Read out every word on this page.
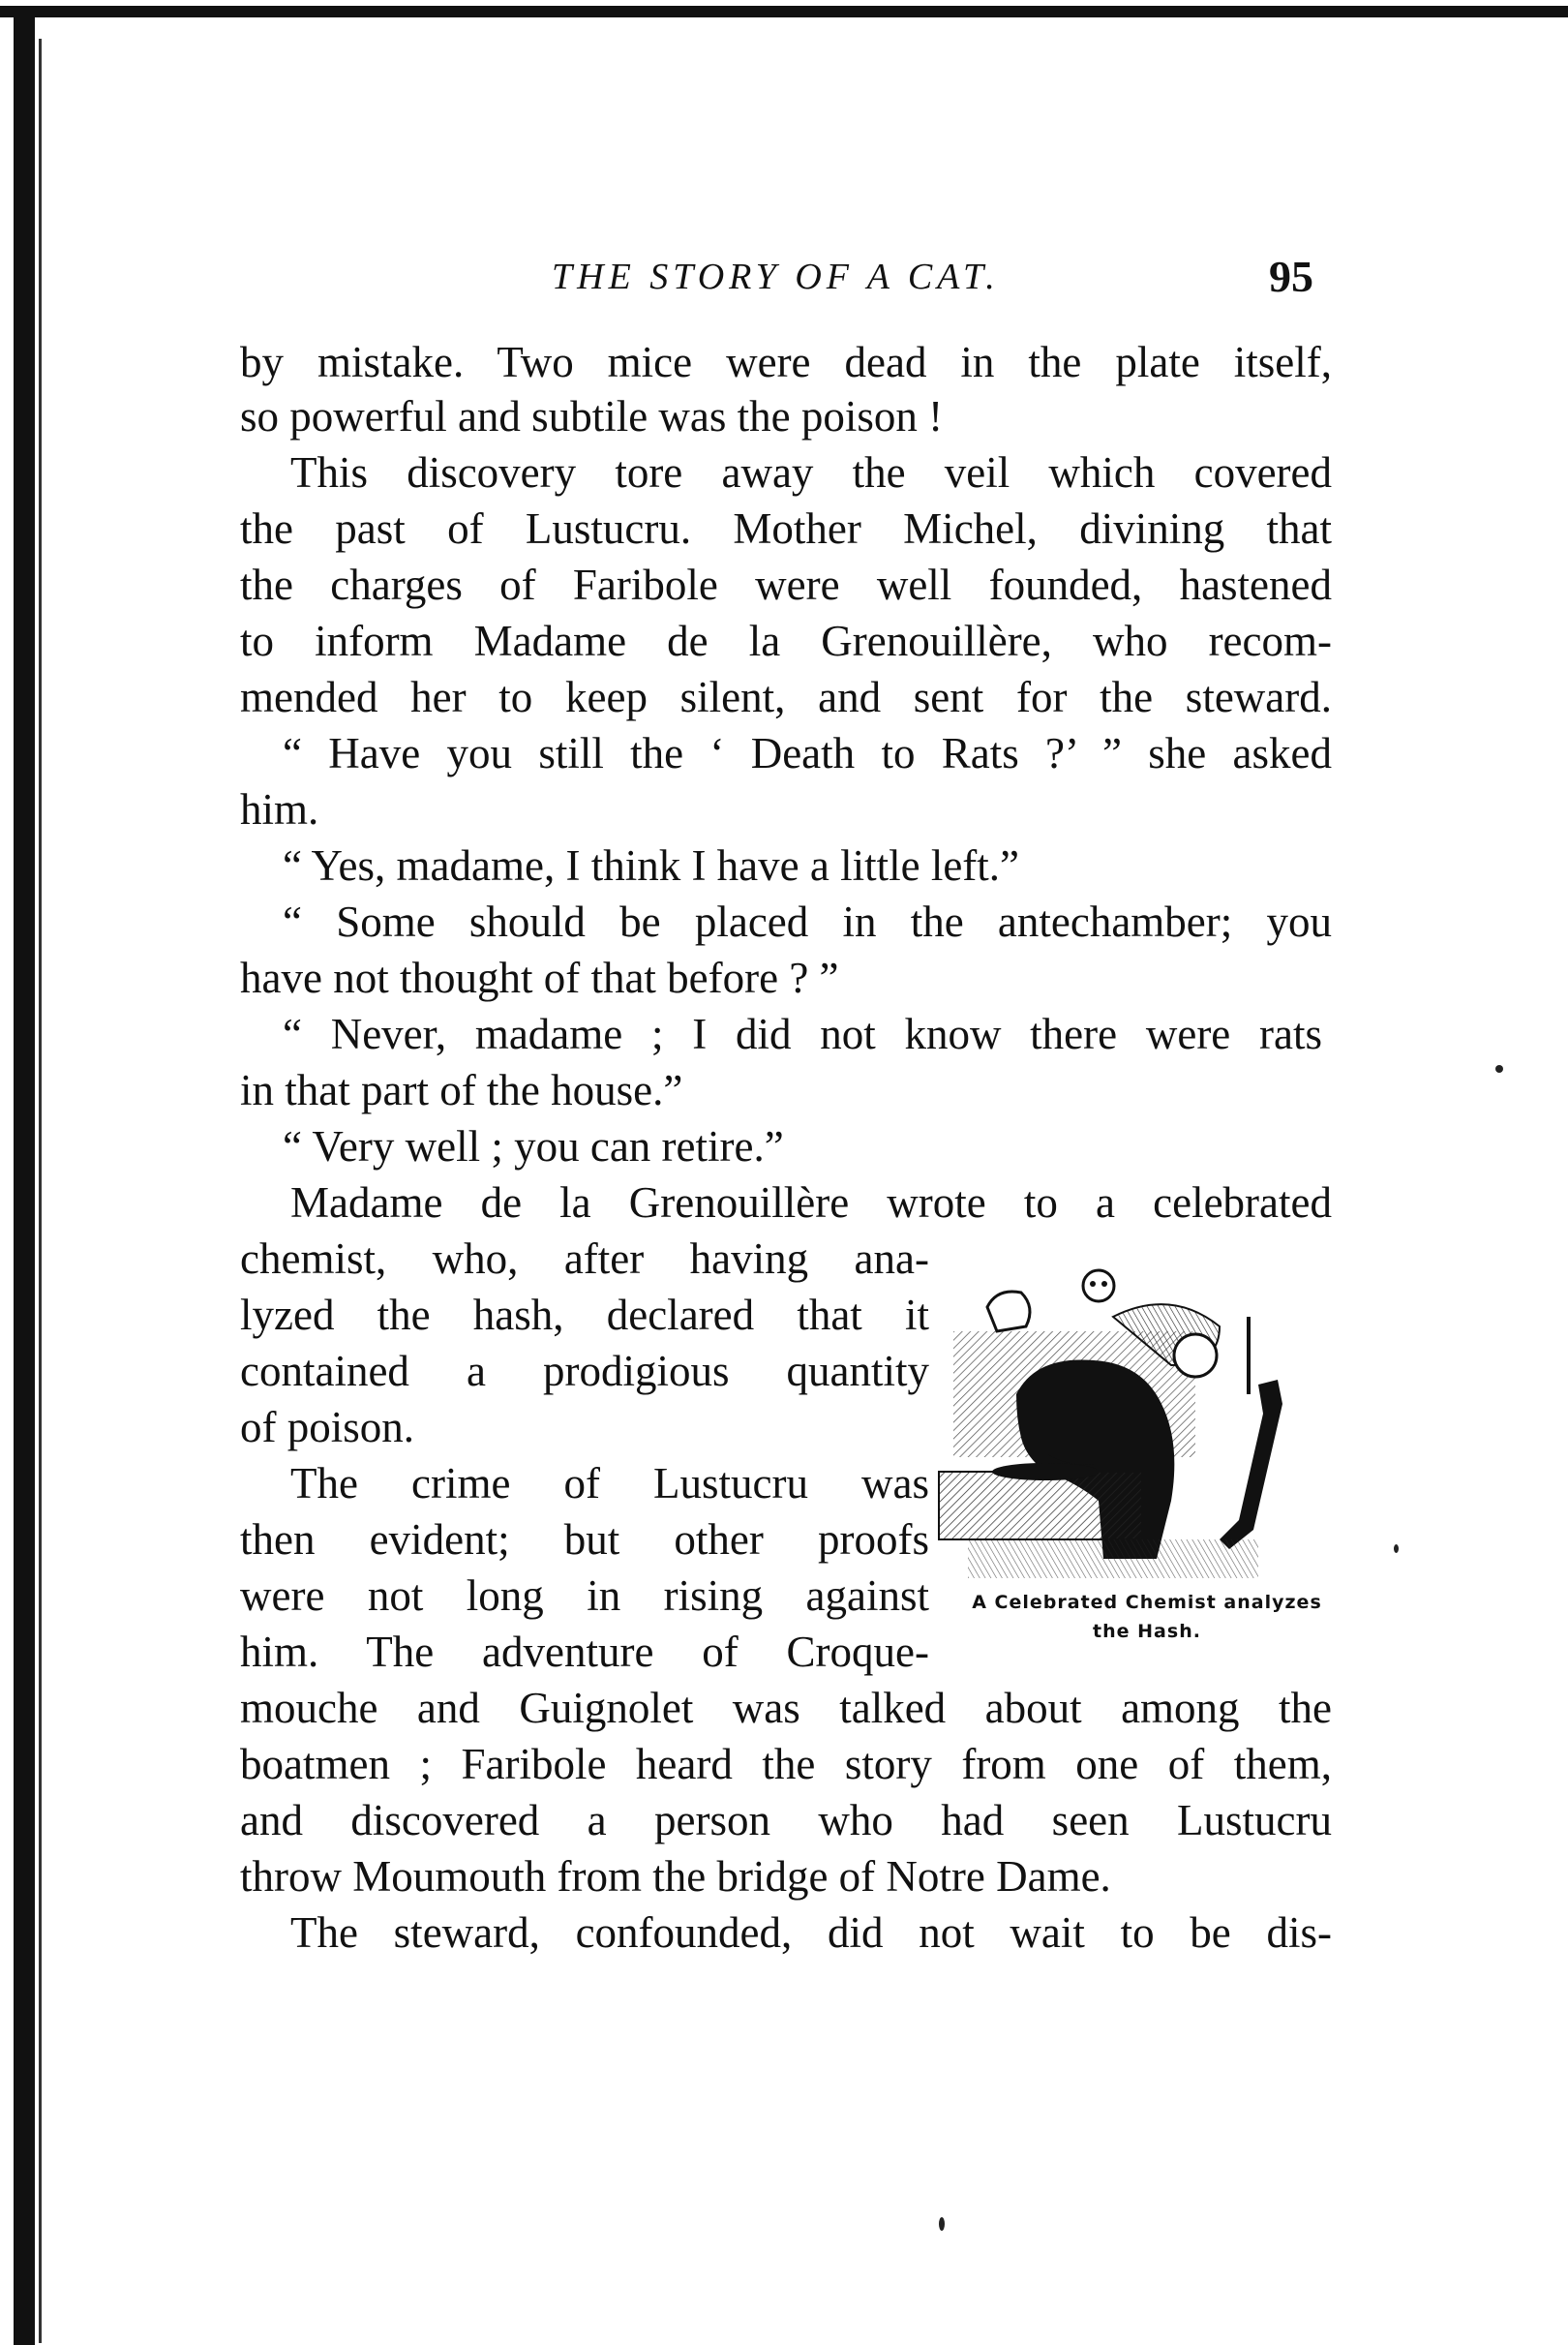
THE STORY OF A CAT.	95
by mistake. Two mice were dead in the plate itself,
so powerful and subtile was the poison !
This discovery tore away the veil which covered
the past of Lustucru. Mother Michel, divining that
the charges of Faribole were well founded, hastened
to inform Madame de la Grenouillère, who recom-
mended her to keep silent, and sent for the steward.
“ Have you still the ‘ Death to Rats ?’ ” she asked
him.
“ Yes, madame, I think I have a little left.”
“ Some should be placed in the antechamber; you
have not thought of that before ? ”
“ Never, madame ; I did not know there were rats
in that part of the house.”
“ Very well ; you can retire.”
Madame de la Grenouillère wrote to a celebrated
chemist, who, after having ana-
lyzed the hash, declared that it
contained a prodigious quantity
of poison.
The crime of Lustucru was
then evident; but other proofs
were not long in rising against
him. The adventure of Croque-
mouche and Guignolet was talked about among the
boatmen ; Faribole heard the story from one of them,
and discovered a person who had seen Lustucru
throw Moumouth from the bridge of Notre Dame.
The steward, confounded, did not wait to be dis-
A Celebrated Chemist analyzes
the Hash.
